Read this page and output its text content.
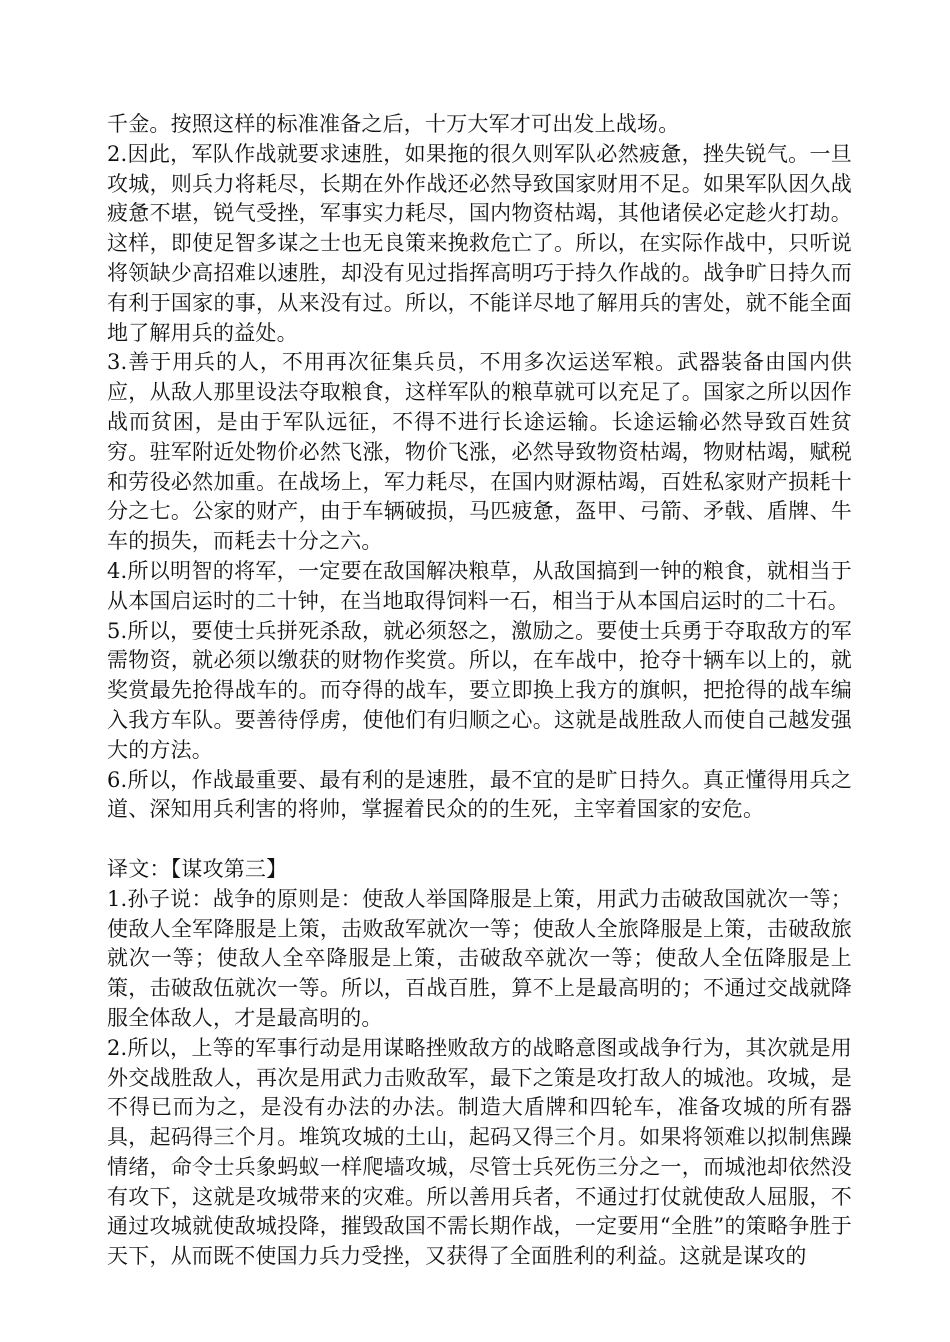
千金。按照这样的标准准备之后，十万大军才可出发上战场。

2.因此，军队作战就要求速胜，如果拖的很久则军队必然疲惫，挫失锐气。一旦攻城，则兵力将耗尽，长期在外作战还必然导致国家财用不足。如果军队因久战疲惫不堪，锐气受挫，军事实力耗尽，国内物资枯竭，其他诸侯必定趁火打劫。这样，即使足智多谋之士也无良策来挽救危亡了。所以，在实际作战中，只听说将领缺少高招难以速胜，却没有见过指挥高明巧于持久作战的。战争旷日持久而有利于国家的事，从来没有过。所以，不能详尽地了解用兵的害处，就不能全面地了解用兵的益处。

3.善于用兵的人，不用再次征集兵员，不用多次运送军粮。武器装备由国内供应，从敌人那里设法夺取粮食，这样军队的粮草就可以充足了。国家之所以因作战而贫困，是由于军队远征，不得不进行长途运输。长途运输必然导致百姓贫穷。驻军附近处物价必然飞涨，物价飞涨，必然导致物资枯竭，物财枯竭，赋税和劳役必然加重。在战场上，军力耗尽，在国内财源枯竭，百姓私家财产损耗十分之七。公家的财产，由于车辆破损，马匹疲惫，盔甲、弓箭、矛戟、盾牌、牛车的损失，而耗去十分之六。

4.所以明智的将军，一定要在敌国解决粮草，从敌国搞到一钟的粮食，就相当于从本国启运时的二十钟，在当地取得饲料一石，相当于从本国启运时的二十石。

5.所以，要使士兵拼死杀敌，就必须怒之，激励之。要使士兵勇于夺取敌方的军需物资，就必须以缴获的财物作奖赏。所以，在车战中，抢夺十辆车以上的，就奖赏最先抢得战车的。而夺得的战车，要立即换上我方的旗帜，把抢得的战车编入我方车队。要善待俘虏，使他们有归顺之心。这就是战胜敌人而使自己越发强大的方法。

6.所以，作战最重要、最有利的是速胜，最不宜的是旷日持久。真正懂得用兵之道、深知用兵利害的将帅，掌握着民众的的生死，主宰着国家的安危。

译文：【谋攻第三】

1.孙子说：战争的原则是：使敌人举国降服是上策，用武力击破敌国就次一等；使敌人全军降服是上策，击败敌军就次一等；使敌人全旅降服是上策，击破敌旅就次一等；使敌人全卒降服是上策，击破敌卒就次一等；使敌人全伍降服是上策，击破敌伍就次一等。所以，百战百胜，算不上是最高明的；不通过交战就降服全体敌人，才是最高明的。

2.所以，上等的军事行动是用谋略挫败敌方的战略意图或战争行为，其次就是用外交战胜敌人，再次是用武力击败敌军，最下之策是攻打敌人的城池。攻城，是不得已而为之，是没有办法的办法。制造大盾牌和四轮车，准备攻城的所有器具，起码得三个月。堆筑攻城的土山，起码又得三个月。如果将领难以拟制焦躁情绪，命令士兵象蚂蚁一样爬墙攻城，尽管士兵死伤三分之一，而城池却依然没有攻下，这就是攻城带来的灾难。所以善用兵者，不通过打仗就使敌人屈服，不通过攻城就使敌城投降，摧毁敌国不需长期作战，一定要用“全胜”的策略争胜于天下，从而既不使国力兵力受挫，又获得了全面胜利的利益。这就是谋攻的
